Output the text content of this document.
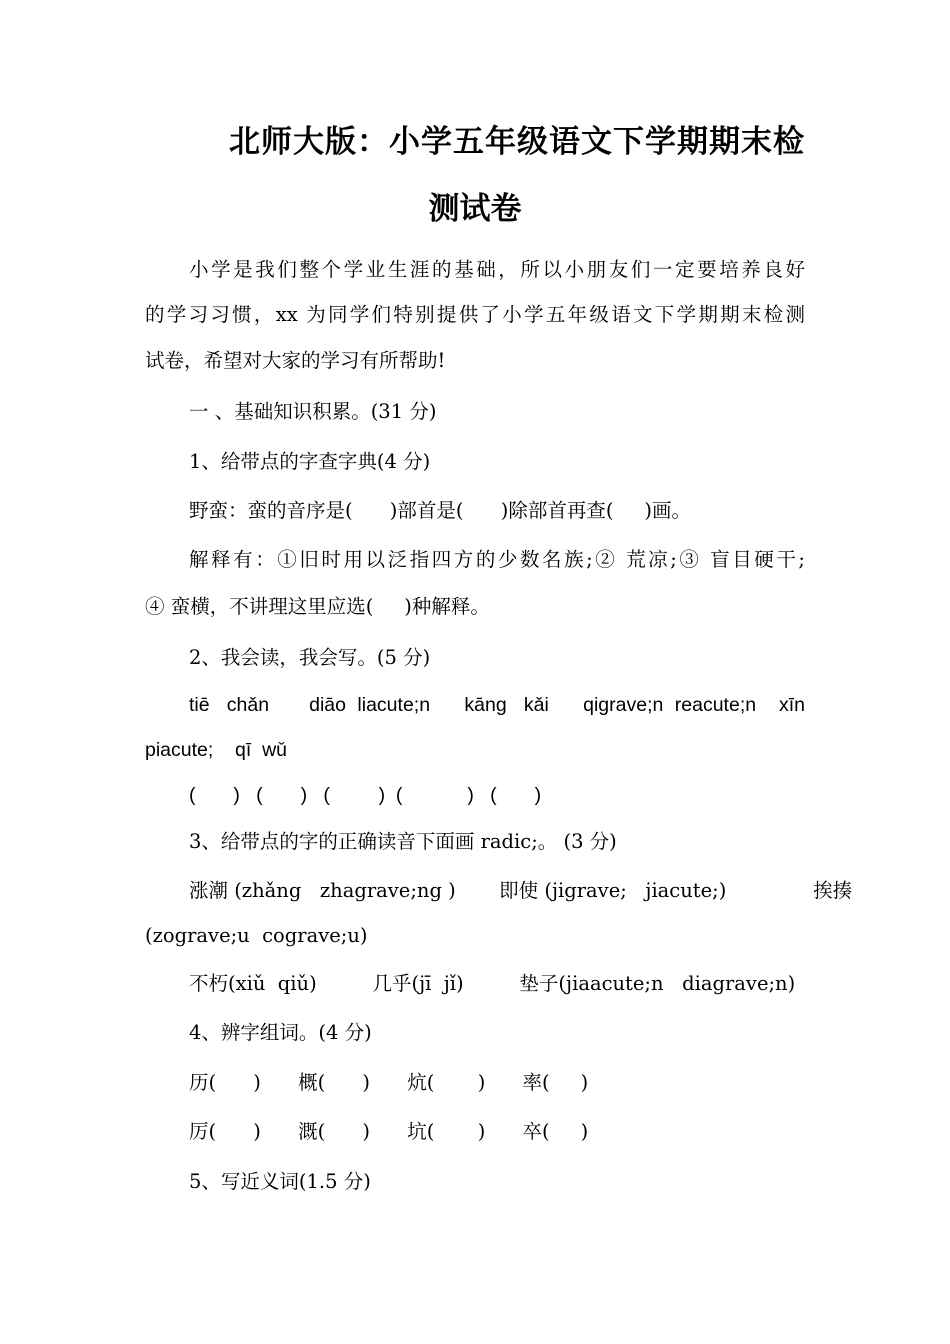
北师大版：小学五年级语文下学期期末检
测试卷
小学是我们整个学业生涯的基础，所以小朋友们一定要培养良好
的学习习惯，xx 为同学们特别提供了小学五年级语文下学期期末检测
试卷，希望对大家的学习有所帮助!
一 、基础知识积累。(31 分)
1、给带点的字查字典(4 分)
野蛮：蛮的音序是(      )部首是(      )除部首再查(     )画。
解释有：①旧时用以泛指四方的少数名族;② 荒凉;③ 盲目硬干;
④ 蛮横，不讲理这里应选(     )种解释。
2、我会读，我会写。(5 分)
tiē   chǎn       diāo  liacute;n      kāng   kǎi      qigrave;n  reacute;n    xīn
piacute;    qī  wǔ
(       )   (       )   (         )  (            )   (       )
3、给带点的字的正确读音下面画 radic;。 (3 分)
涨潮 (zhǎng   zhagrave;ng )       即使 (jigrave;   jiacute;)              挨揍
(zograve;u  cograve;u)
不朽(xiǔ  qiǔ)         几乎(jī  jǐ)         垫子(jiaacute;n   diagrave;n)
4、辨字组词。(4 分)
历(      )      概(      )      炕(       )      率(     )
厉(      )      溉(      )      坑(       )      卒(     )
5、写近义词(1.5 分)
